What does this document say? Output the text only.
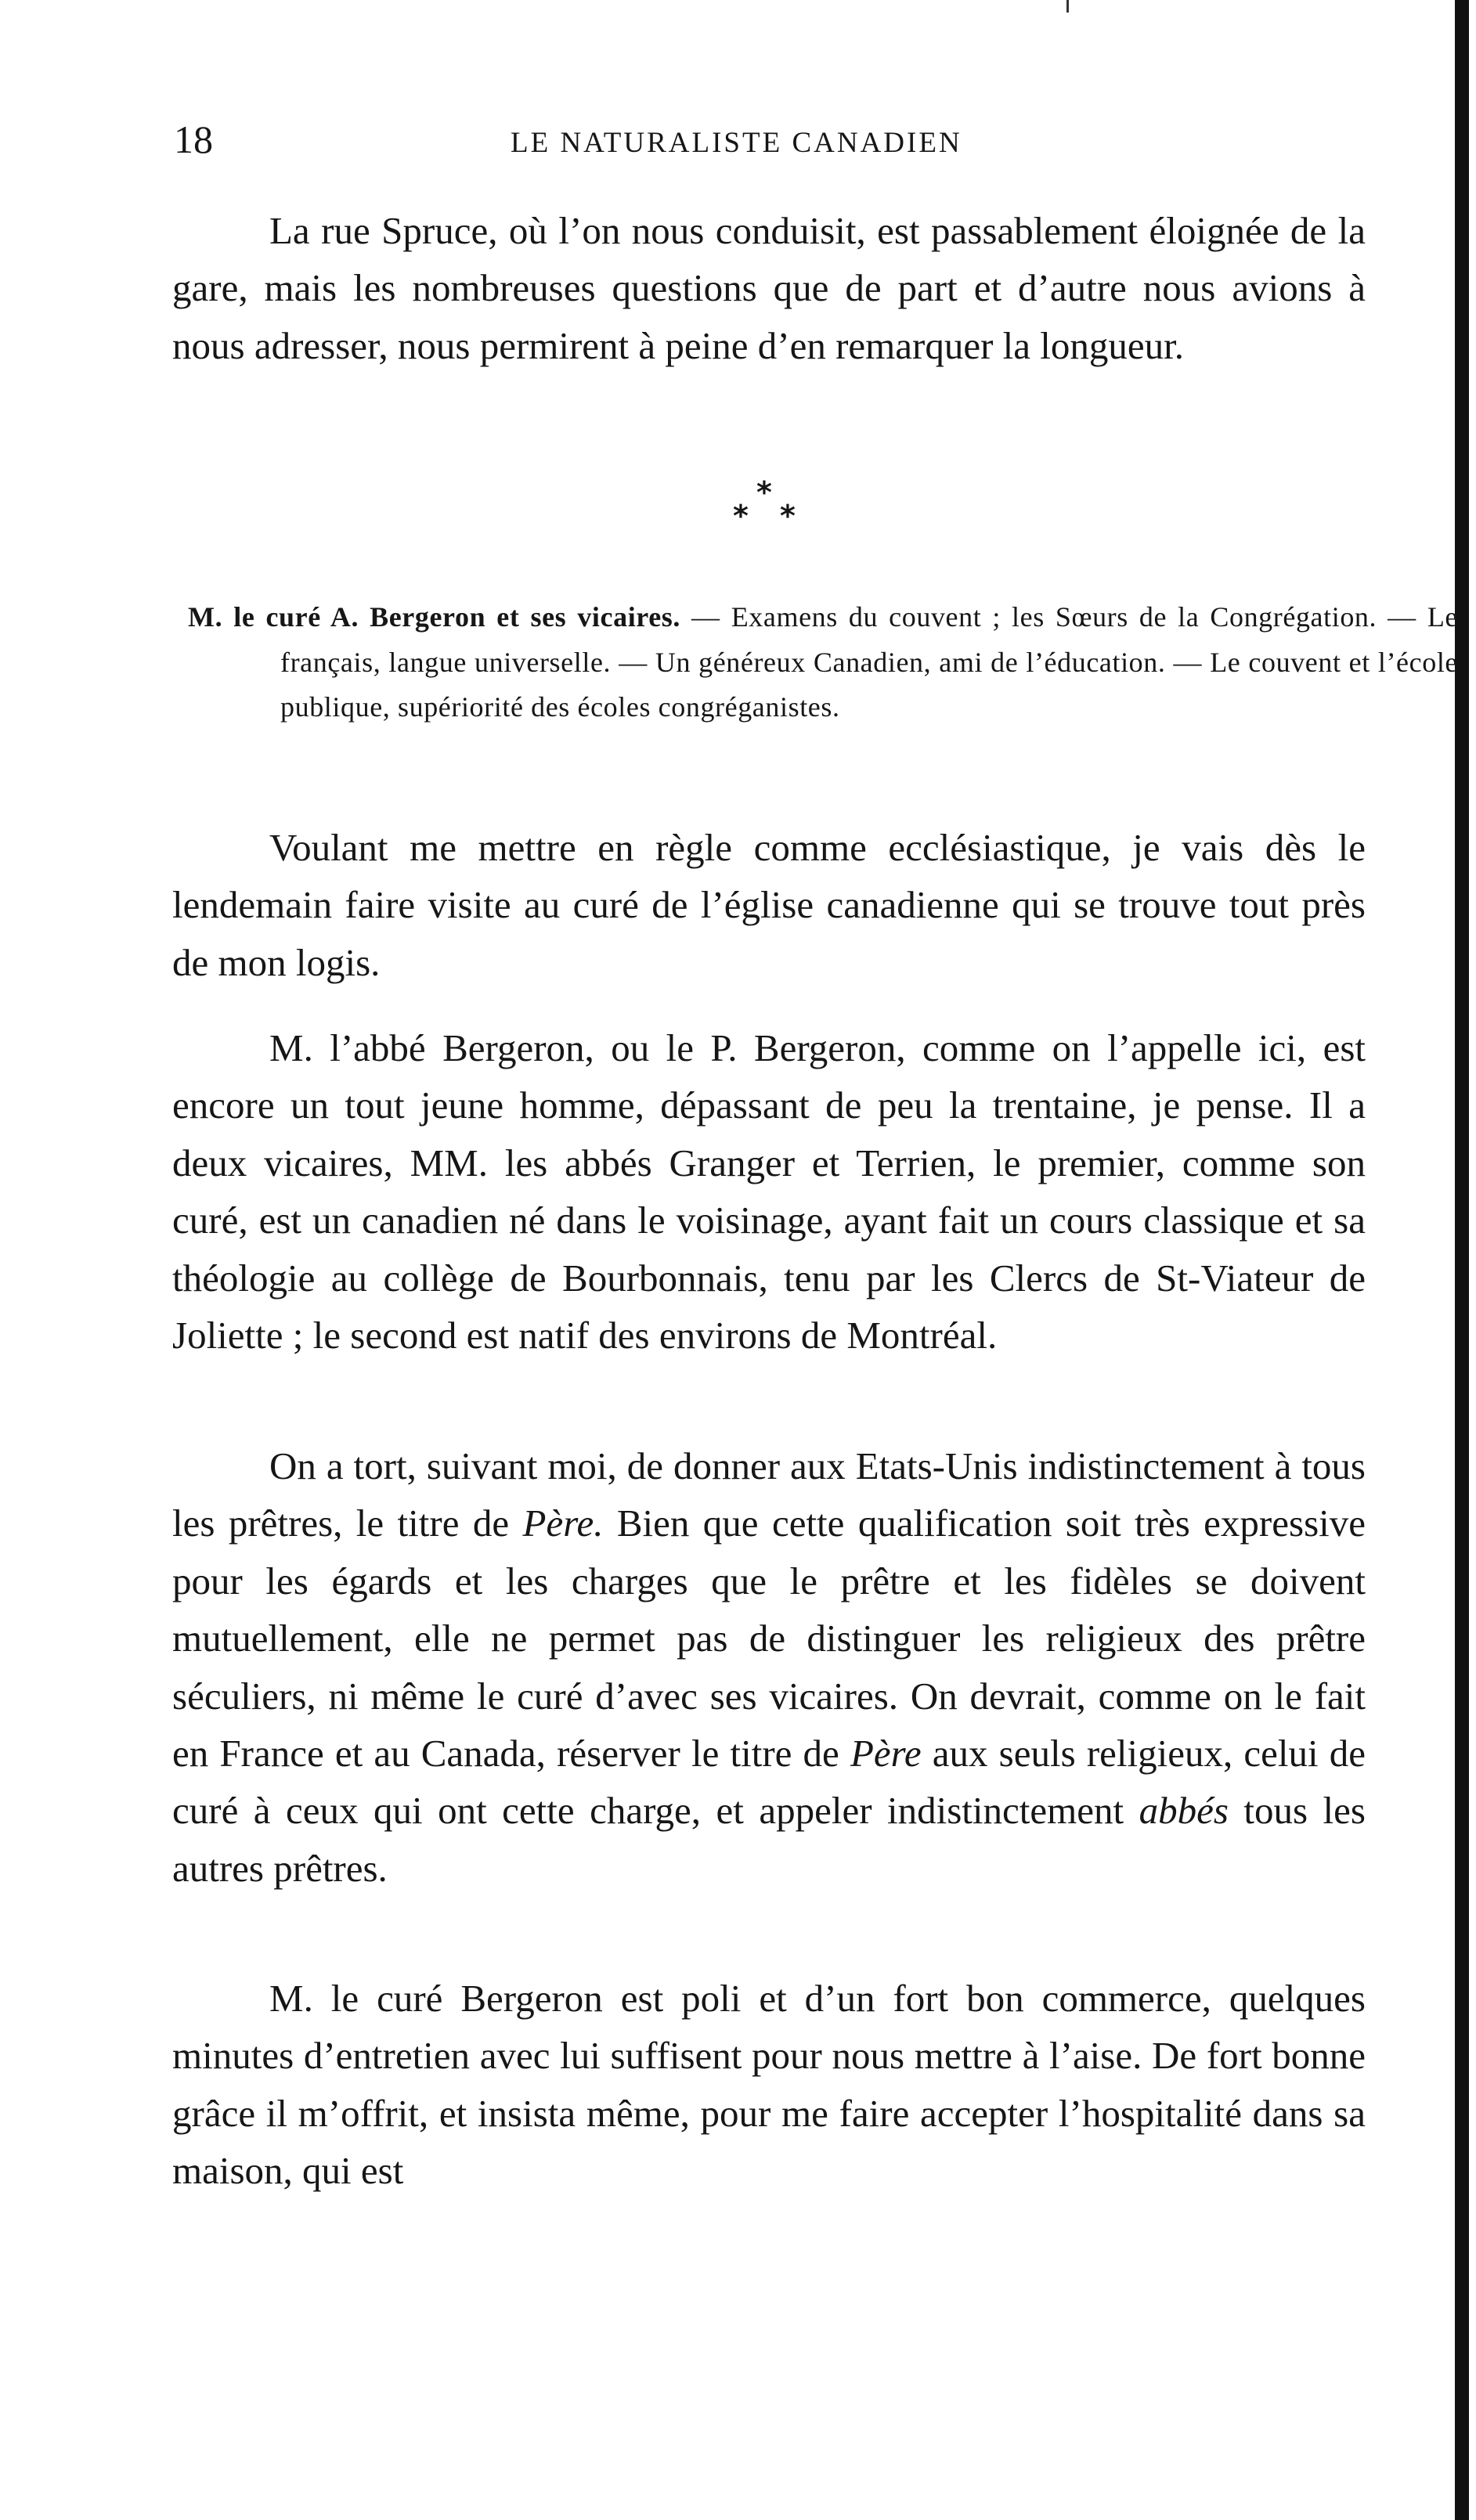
18	LE NATURALISTE CANADIEN

La rue Spruce, où l’on nous conduisit, est passablement éloignée de la gare, mais les nombreuses questions que de part et d’autre nous avions à nous adresser, nous permirent à peine d’en remarquer la longueur.

*
* *

M. le curé A. Bergeron et ses vicaires. — Examens du couvent ; les Sœurs de la Congrégation. — Le français, langue universelle. — Un généreux Canadien, ami de l’éducation. — Le couvent et l’école publique, supériorité des écoles congréganistes.

Voulant me mettre en règle comme ecclésiastique, je vais dès le lendemain faire visite au curé de l’église canadienne qui se trouve tout près de mon logis.

M. l’abbé Bergeron, ou le P. Bergeron, comme on l’appelle ici, est encore un tout jeune homme, dépassant de peu la trentaine, je pense. Il a deux vicaires, MM. les abbés Granger et Terrien, le premier, comme son curé, est un canadien né dans le voisinage, ayant fait un cours classique et sa théologie au collège de Bourbonnais, tenu par les Clercs de St-Viateur de Joliette ; le second est natif des environs de Montréal.

On a tort, suivant moi, de donner aux Etats-Unis indistinctement à tous les prêtres, le titre de Père. Bien que cette qualification soit très expressive pour les égards et les charges que le prêtre et les fidèles se doivent mutuellement, elle ne permet pas de distinguer les religieux des prêtre séculiers, ni même le curé d’avec ses vicaires. On devrait, comme on le fait en France et au Canada, réserver le titre de Père aux seuls religieux, celui de curé à ceux qui ont cette charge, et appeler indistinctement abbés tous les autres prêtres.

M. le curé Bergeron est poli et d’un fort bon commerce, quelques minutes d’entretien avec lui suffisent pour nous mettre à l’aise. De fort bonne grâce il m’offrit, et insista même, pour me faire accepter l’hospitalité dans sa maison, qui est
